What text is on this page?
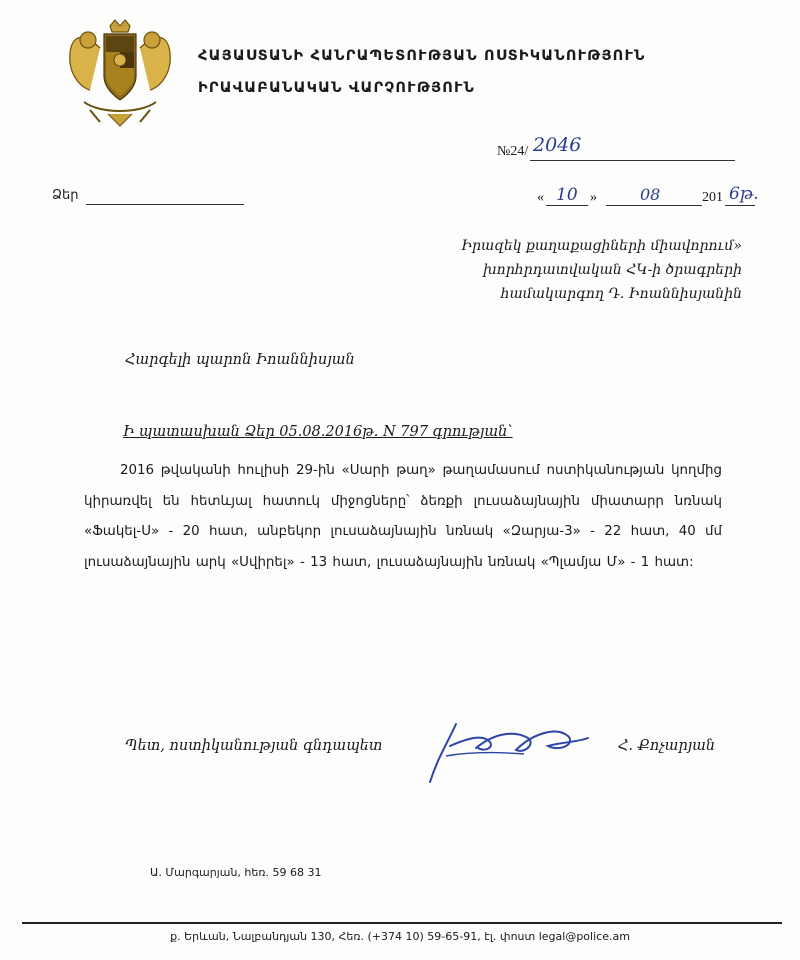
ՀԱՅԱՍՏԱՆԻ ՀԱՆՐԱՊԵՏՈՒԹՅԱՆ ՈՍՏԻԿԱՆՈՒԹՅՈՒՆ
ԻՐԱՎԱԲԱՆԱԿԱՆ ՎԱՐՉՈՒԹՅՈՒՆ
№24/ 2046
Ձեր	« 10 »	08	201 6թ.
Իրազեկ քաղաքացիների միավորում»
խորհրդատվական ՀԿ-ի ծրագրերի
համակարգող Դ. Իոաննիսյանին
Հարգելի պարոն Իոաննիսյան
Ի պատասխան Ձեր 05.08.2016թ. N 797 գրության՝
2016 թվականի հուլիսի 29-ին «Սարի թաղ» թաղամասում ոստիկանության կողմից կիրառվել են հետևյալ հատուկ միջոցները՝ ձեռքի լուսաձայնային միատարր նռնակ «Ֆակել-Ս» - 20 հատ, անբեկոր լուսաձայնային նռնակ «Զարյա-3» - 22 հատ, 40 մմ լուսաձայնային արկ «Սվիրել» - 13 հատ, լուսաձայնային նռնակ «Պլամյա Մ» - 1 հատ:
Պետ, ոստիկանության գնդապետ	Հ. Քոչարյան
Ա. Մարգարյան, հեռ. 59 68 31
ք. Երևան, Նալբանդյան 130, Հեռ. (+374 10) 59-65-91, էլ. փոստ legal@police.am
